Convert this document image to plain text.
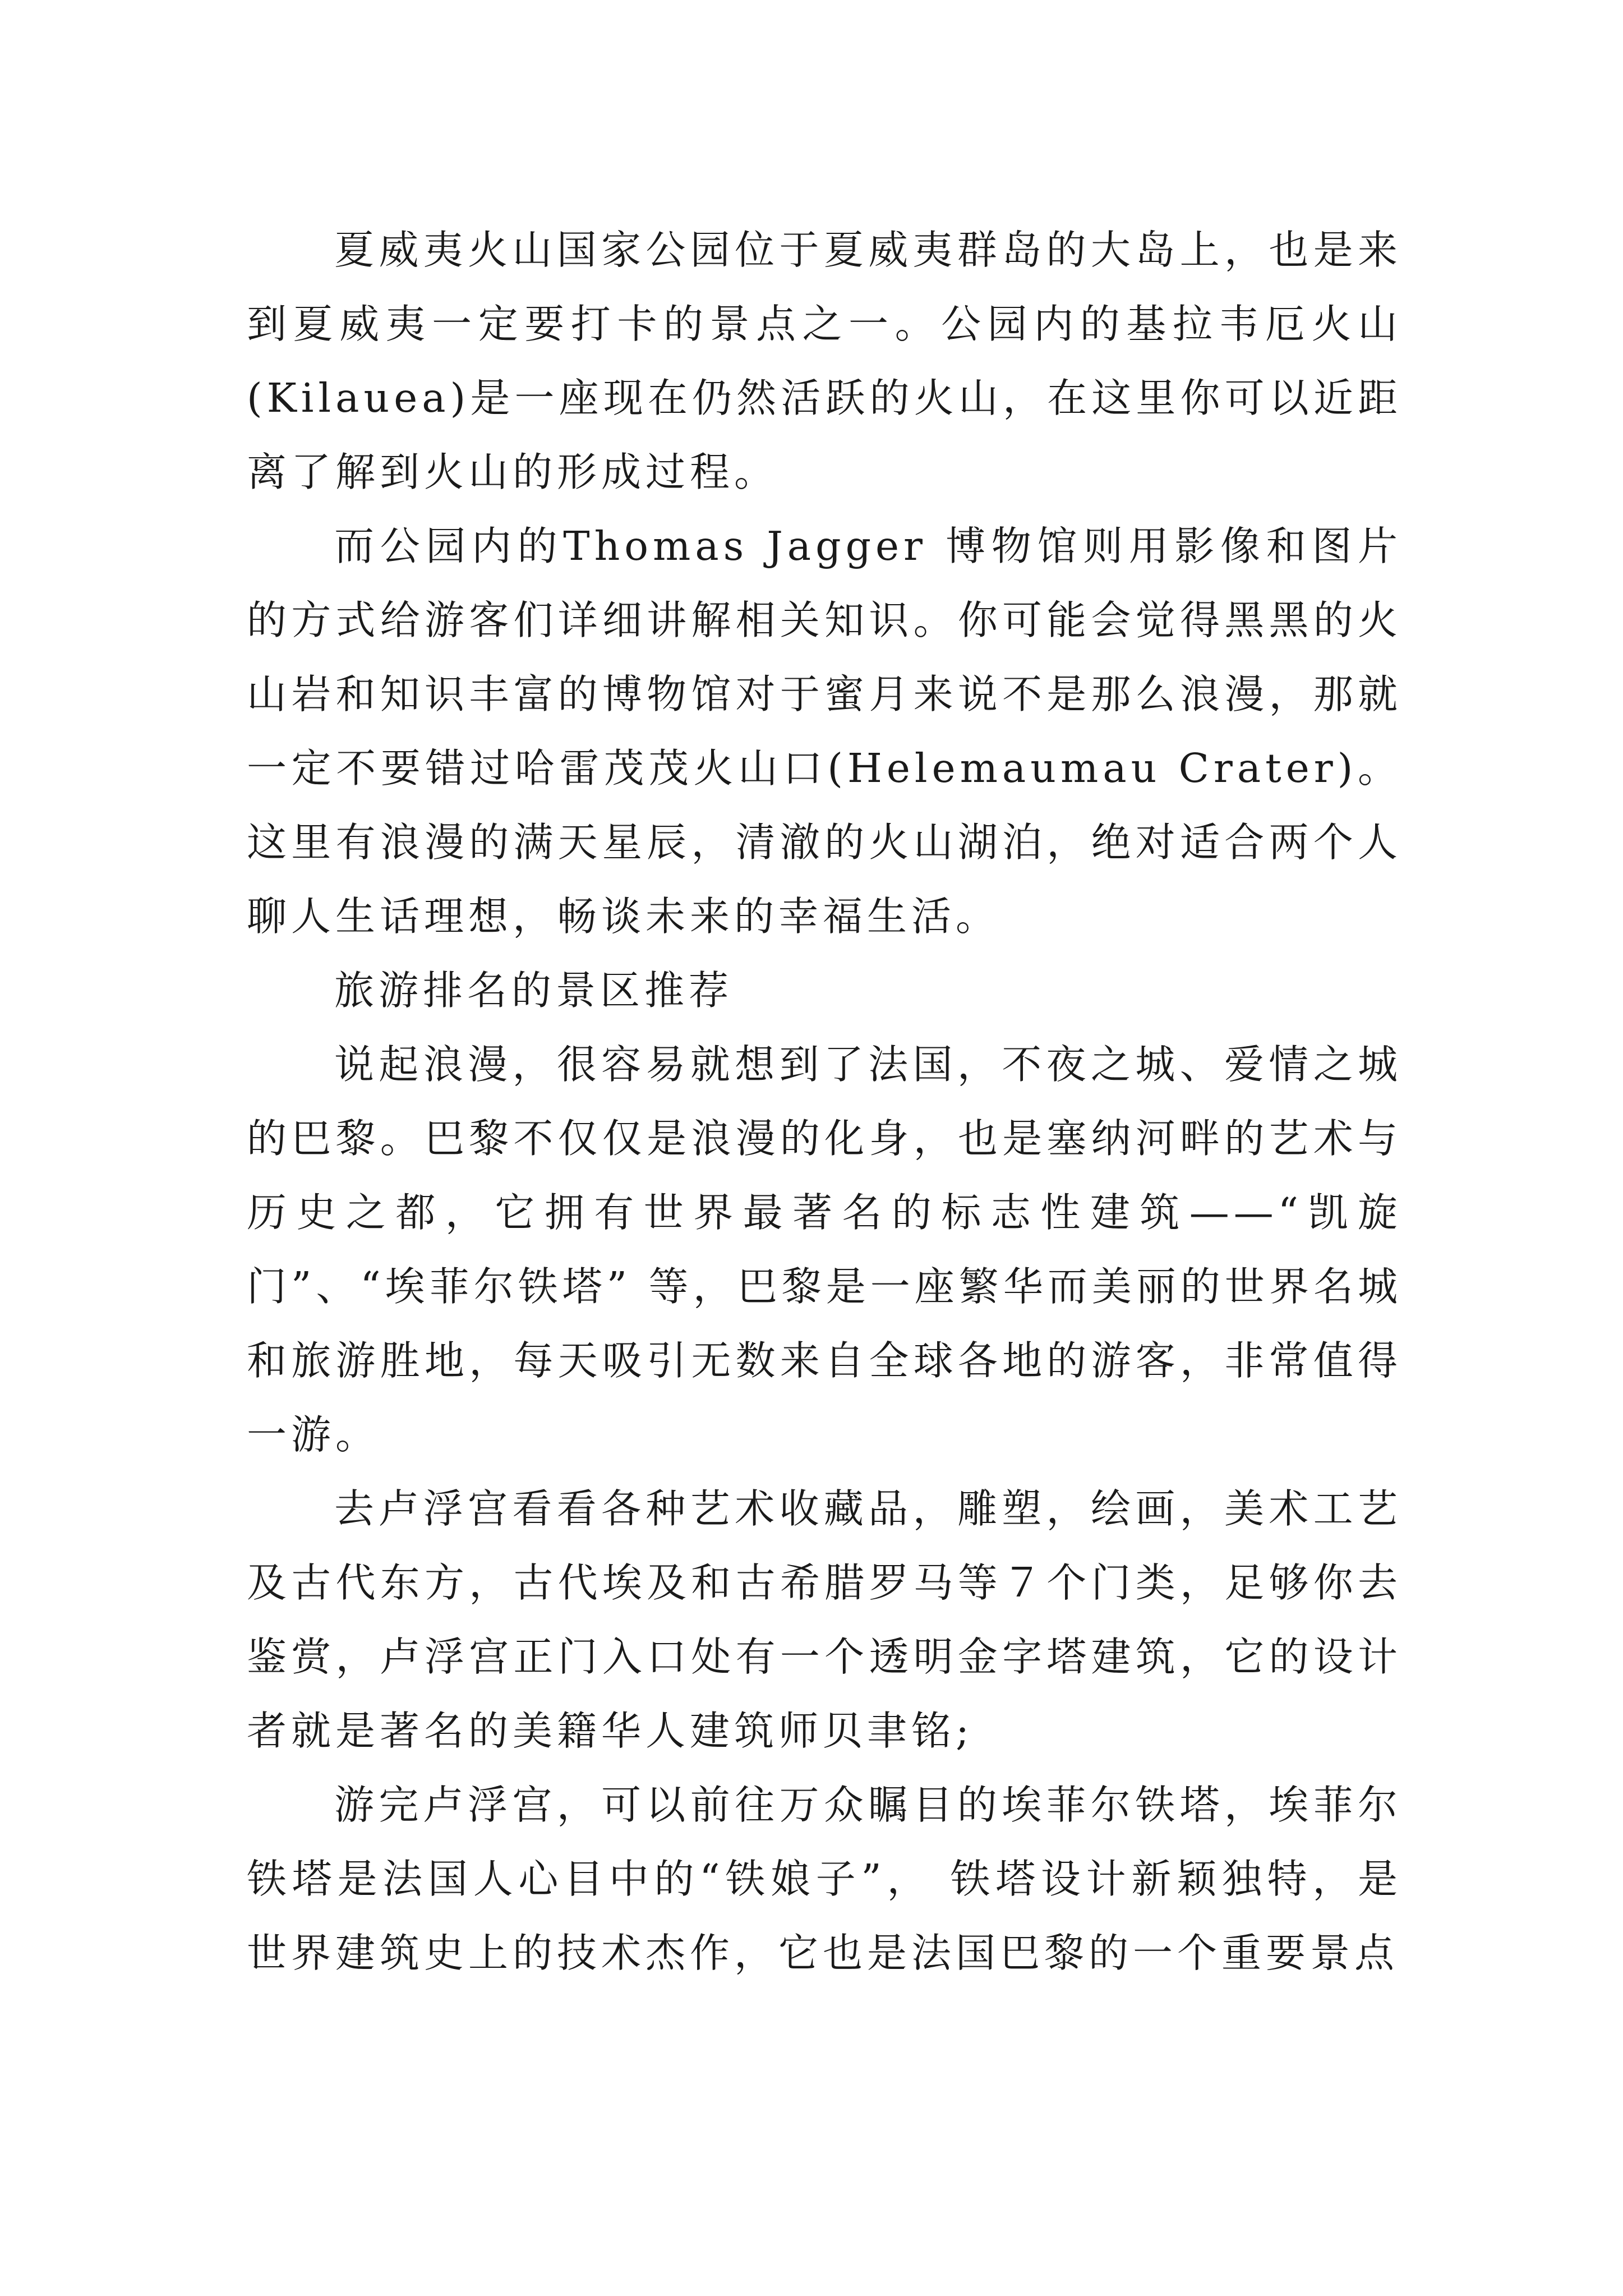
夏威夷火山国家公园位于夏威夷群岛的大岛上，也是来到夏威夷一定要打卡的景点之一。公园内的基拉韦厄火山(Kilauea)是一座现在仍然活跃的火山，在这里你可以近距离了解到火山的形成过程。

而公园内的Thomas Jagger 博物馆则用影像和图片的方式给游客们详细讲解相关知识。你可能会觉得黑黑的火山岩和知识丰富的博物馆对于蜜月来说不是那么浪漫，那就一定不要错过哈雷茂茂火山口(Helemaumau Crater)。这里有浪漫的满天星辰，清澈的火山湖泊，绝对适合两个人聊人生话理想，畅谈未来的幸福生活。

旅游排名的景区推荐

说起浪漫，很容易就想到了法国，不夜之城、爱情之城的巴黎。巴黎不仅仅是浪漫的化身，也是塞纳河畔的艺术与历史之都，它拥有世界最著名的标志性建筑——“凯旋门”、“埃菲尔铁塔” 等，巴黎是一座繁华而美丽的世界名城和旅游胜地，每天吸引无数来自全球各地的游客，非常值得一游。

去卢浮宫看看各种艺术收藏品，雕塑，绘画，美术工艺及古代东方，古代埃及和古希腊罗马等７个门类，足够你去鉴赏，卢浮宫正门入口处有一个透明金字塔建筑，它的设计者就是著名的美籍华人建筑师贝聿铭;

游完卢浮宫，可以前往万众瞩目的埃菲尔铁塔，埃菲尔铁塔是法国人心目中的“铁娘子”， 铁塔设计新颖独特，是世界建筑史上的技术杰作，它也是法国巴黎的一个重要景点
